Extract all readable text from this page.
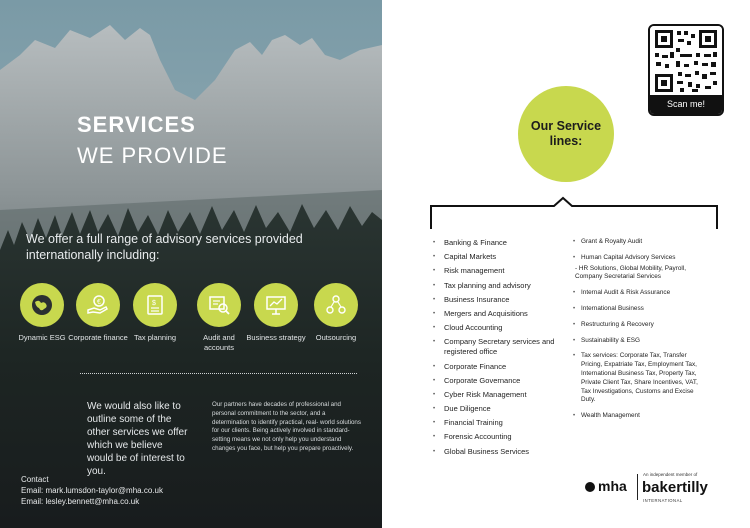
SERVICES
WE PROVIDE
We offer a full range of advisory services provided internationally including:
Dynamic ESG
€
Corporate finance
$
Tax planning	Audit and accounts
Business strategy	Outsourcing
We would also like to outline some of the other services we offer which we believe would be of interest to you.
Our partners have decades of professional and personal commitment to the sector, and a determination to identify practical, real- world solutions for our clients. Being actively involved in standard-setting means we not only help you understand changes you face, but help you prepare proactively.
Contact
Email: mark.lumsdon-taylor@mha.co.uk
Email: lesley.bennett@mha.co.uk
Scan me!
Our Service
lines:
• Banking & Finance
• Capital Markets
• Risk management
• Tax planning and advisory
• Business Insurance
• Mergers and Acquisitions
• Cloud Accounting
• Company Secretary services and registered office
• Corporate Finance
• Corporate Governance
• Cyber Risk Management
• Due Diligence
• Financial Training
• Forensic Accounting
• Global Business Services
• Grant & Royalty Audit
• Human Capital Advisory Services
- HR Solutions, Global Mobility, Payroll, Company Secretarial Services
• Internal Audit & Risk Assurance
• International Business
• Restructuring & Recovery
• Sustainability & ESG
• Tax services: Corporate Tax, Transfer Pricing, Expatriate Tax, Employment Tax, International Business Tax, Property Tax, Private Client Tax, Share Incentives, VAT, Tax Investigations, Customs and Excise Duty.
• Wealth Management
mha
An independent member of
bakertilly
INTERNATIONAL
